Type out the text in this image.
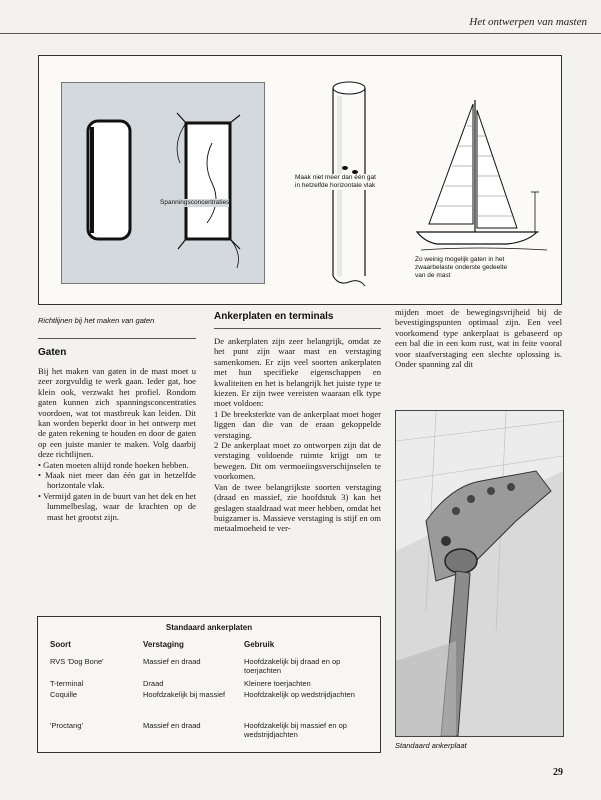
Het ontwerpen van masten
Spanningsconcentraties
Maak niet meer dan één gat
in hetzelfde horizontale vlak
Zo weinig mogelijk gaten in het
zwaarbelaste onderste gedeelte
van de mast
Richtlijnen bij het maken van gaten
Gaten

Bij het maken van gaten in de mast moet u zeer zorgvuldig te werk gaan. Ieder gat, hoe klein ook, verzwakt het profiel. Rondom gaten kunnen zich spanningsconcentraties voordoen, wat tot mastbreuk kan leiden. Dit kan worden beperkt door in het ontwerp met de gaten rekening te houden en door de gaten op een juiste manier te maken. Volg daarbij deze richtlijnen.

• Gaten moeten altijd ronde hoeken hebben.

• Maak niet meer dan één gat in hetzelfde horizontale vlak.

• Vermijd gaten in de buurt van het dek en het lummelbeslag, waar de krachten op de mast het grootst zijn.

Ankerplaten en terminals

De ankerplaten zijn zeer belangrijk, omdat ze het punt zijn waar mast en verstaging samenkomen. Er zijn veel soorten ankerplaten met hun specifieke eigenschappen en kwaliteiten en het is belangrijk het juiste type te kiezen. Er zijn twee vereisten waaraan elk type moet voldoen:

1 De breeksterkte van de ankerplaat moet hoger liggen dan die van de eraan gekoppelde verstaging.

2 De ankerplaat moet zo ontworpen zijn dat de verstaging voldoende ruimte krijgt om te bewegen. Dit om vermoeiingsverschijnselen te voorkomen.

Van de twee belangrijkste soorten verstaging (draad en massief, zie hoofdstuk 3) kan het geslagen staaldraad wat meer hebben, omdat het buigzamer is. Massieve verstaging is stijf en om metaalmoeheid te ver-

mijden moet de bewegingsvrijheid bij de bevestigingspunten optimaal zijn. Een veel voorkomend type ankerplaat is gebaseerd op een bal die in een kom rust, wat in feite vooral voor staafverstaging een slechte oplossing is. Onder spanning zal dit
Standaard ankerplaat
Standaard ankerplaten
Soort	Verstaging	Gebruik
RVS 'Dog Bone'	Massief en draad	Hoofdzakelijk bij draad en op toerjachten
T-terminal	Draad	Kleinere toerjachten
Coquille	Hoofdzakelijk bij massief	Hoofdzakelijk op wedstrijdjachten
'Proctang'	Massief en draad	Hoofdzakelijk bij massief en op wedstrijdjachten
29
